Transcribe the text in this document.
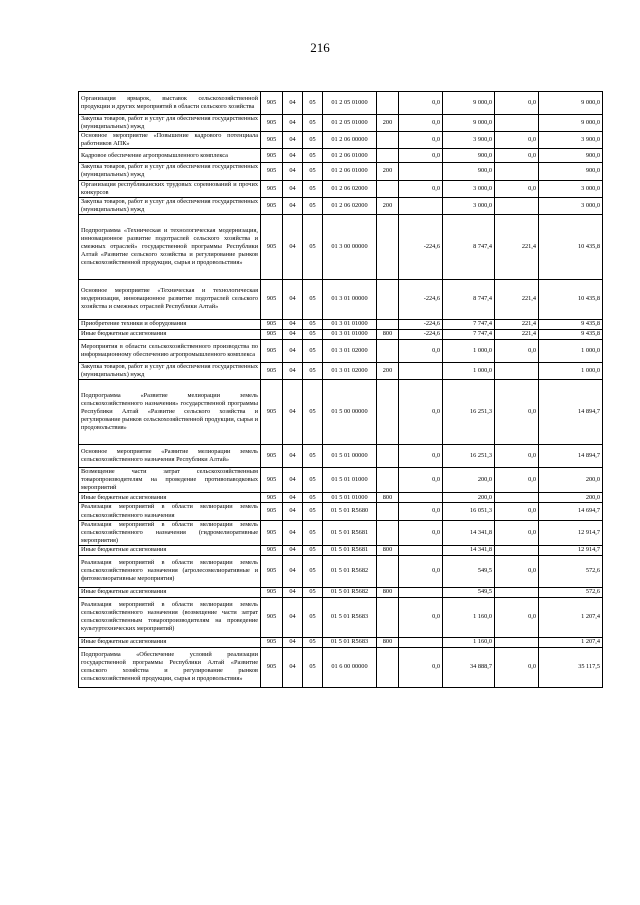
216
Организация ярмарок, выставок сельскохозяйственной продукции и других мероприятий в области сельского хозяйства	905	04	05	01 2 05 01000		0,0	9 000,0	0,0	9 000,0
Закупка товаров, работ и услуг для обеспечения государственных (муниципальных) нужд	905	04	05	01 2 05 01000	200	0,0	9 000,0		9 000,0
Основное мероприятие «Повышение кадрового потенциала работников АПК»	905	04	05	01 2 06 00000		0,0	3 900,0	0,0	3 900,0
Кадровое обеспечение агропромышленного комплекса	905	04	05	01 2 06 01000		0,0	900,0	0,0	900,0
Закупка товаров, работ и услуг для обеспечения государственных (муниципальных) нужд	905	04	05	01 2 06 01000	200		900,0		900,0
Организация республиканских трудовых соревнований и прочих конкурсов	905	04	05	01 2 06 02000		0,0	3 000,0	0,0	3 000,0
Закупка товаров, работ и услуг для обеспечения государственных (муниципальных) нужд	905	04	05	01 2 06 02000	200		3 000,0		3 000,0
Подпрограмма «Техническая и технологическая модернизация, инновационное развитие подотраслей сельского хозяйства и смежных отраслей» государственной программы Республики Алтай «Развитие сельского хозяйства и регулирование рынков сельскохозяйственной продукции, сырья и продовольствия»	905	04	05	01 3 00 00000		-224,6	8 747,4	221,4	10 435,8
Основное мероприятие «Техническая и технологическая модернизация, инновационное развитие подотраслей сельского хозяйства и смежных отраслей Республики Алтай»	905	04	05	01 3 01 00000		-224,6	8 747,4	221,4	10 435,8
Приобретение техники и оборудования	905	04	05	01 3 01 01000		-224,6	7 747,4	221,4	9 435,8
Иные бюджетные ассигнования	905	04	05	01 3 01 01000	800	-224,6	7 747,4	221,4	9 435,8
Мероприятия в области сельскохозяйственного производства по информационному обеспечению агропромышленного комплекса	905	04	05	01 3 01 02000		0,0	1 000,0	0,0	1 000,0
Закупка товаров, работ и услуг для обеспечения государственных (муниципальных) нужд	905	04	05	01 3 01 02000	200		1 000,0		1 000,0
Подпрограмма «Развитие мелиорации земель сельскохозяйственного назначения» государственной программы Республики Алтай «Развитие сельского хозяйства и регулирование рынков сельскохозяйственной продукции, сырья и продовольствия»	905	04	05	01 5 00 00000		0,0	16 251,3	0,0	14 894,7
Основное мероприятие «Развитие мелиорации земель сельскохозяйственного назначения Республики Алтай»	905	04	05	01 5 01 00000		0,0	16 251,3	0,0	14 894,7
Возмещение части затрат сельскохозяйственным товаропроизводителям на проведение противопаводковых мероприятий	905	04	05	01 5 01 01000		0,0	200,0	0,0	200,0
Иные бюджетные ассигнования	905	04	05	01 5 01 01000	800		200,0		200,0
Реализация мероприятий в области мелиорации земель сельскохозяйственного назначения	905	04	05	01 5 01 R5680		0,0	16 051,3	0,0	14 694,7
Реализация мероприятий в области мелиорации земель сельскохозяйственного назначения (гидромелиоративные мероприятия)	905	04	05	01 5 01 R5681		0,0	14 341,8	0,0	12 914,7
Иные бюджетные ассигнования	905	04	05	01 5 01 R5681	800		14 341,8		12 914,7
Реализация мероприятий в области мелиорации земель сельскохозяйственного назначения (агролесомелиоративные и фитомелиоративные мероприятия)	905	04	05	01 5 01 R5682		0,0	549,5	0,0	572,6
Иные бюджетные ассигнования	905	04	05	01 5 01 R5682	800		549,5		572,6
Реализация мероприятий в области мелиорации земель сельскохозяйственного назначения (возмещение части затрат сельскохозяйственным товаропроизводителям на проведение культуртехнических мероприятий)	905	04	05	01 5 01 R5683		0,0	1 160,0	0,0	1 207,4
Иные бюджетные ассигнования	905	04	05	01 5 01 R5683	800		1 160,0		1 207,4
Подпрограмма «Обеспечение условий реализации государственной программы Республики Алтай «Развитие сельского хозяйства и регулирование рынков сельскохозяйственной продукции, сырья и продовольствия»	905	04	05	01 6 00 00000		0,0	34 888,7	0,0	35 117,5
